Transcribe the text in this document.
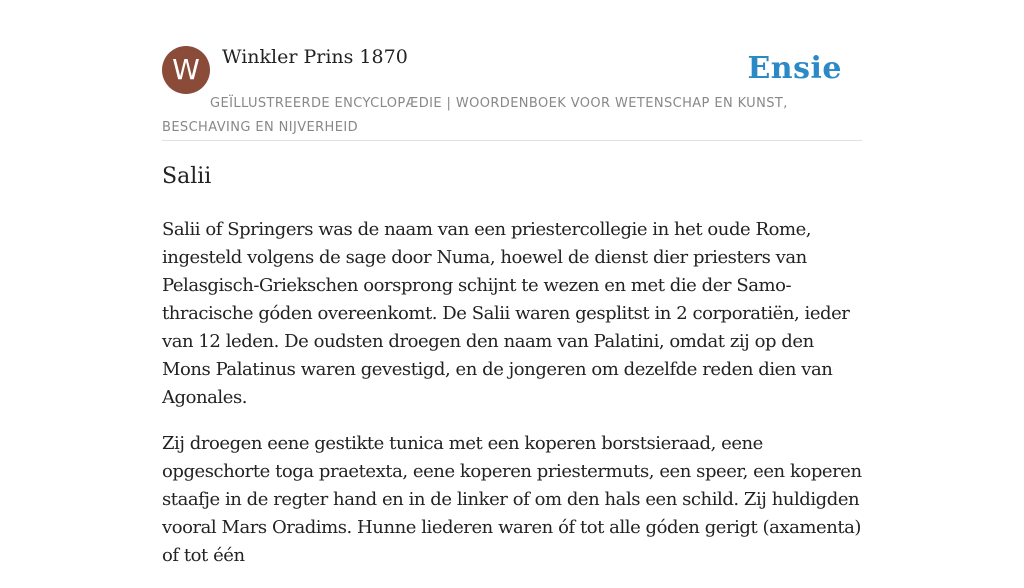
W	Winkler Prins 1870	Ensie
GEÏLLUSTREERDE ENCYCLOPÆDIE | WOORDENBOEK VOOR WETENSCHAP EN KUNST, BESCHAVING EN NIJVERHEID
Salii

Salii of Springers was de naam van een priestercollegie in het oude Rome, ingesteld volgens de sage door Numa, hoewel de dienst dier priesters van Pelasgisch-Griekschen oorsprong schijnt te wezen en met die der Samo-thracische góden overeenkomt. De Salii waren gesplitst in 2 corporatiën, ieder van 12 leden. De oudsten droegen den naam van Palatini, omdat zij op den Mons Palatinus waren gevestigd, en de jongeren om dezelfde reden dien van Agonales.

Zij droegen eene gestikte tunica met een koperen borstsieraad, eene opgeschorte toga praetexta, eene koperen priestermuts, een speer, een koperen staafje in de regter hand en in de linker of om den hals een schild. Zij huldigden vooral Mars Oradims. Hunne liederen waren óf tot alle góden gerigt (axamenta) of tot één
